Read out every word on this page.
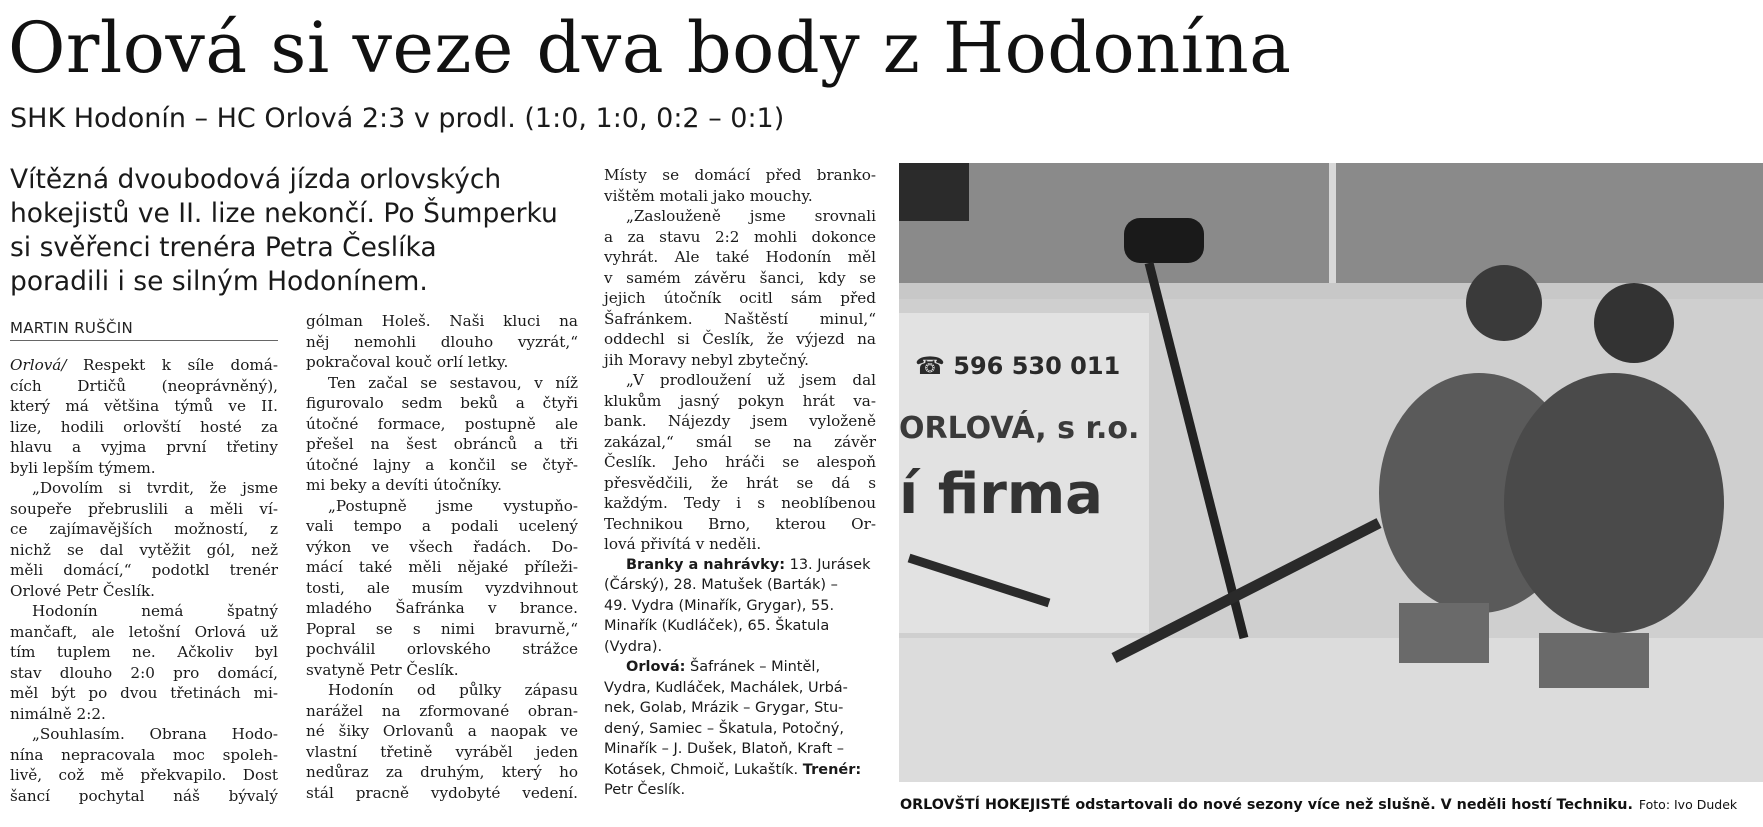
Orlová si veze dva body z Hodonína
SHK Hodonín – HC Orlová 2:3 v prodl. (1:0, 1:0, 0:2 – 0:1)
Vítězná dvoubodová jízda orlovských
hokejistů ve II. lize nekončí. Po Šumperku
si svěřenci trenéra Petra Česlíka
poradili i se silným Hodonínem.
MARTIN RUŠČIN
Orlová/ Respekt k síle domá-
cích Drtičů (neoprávněný),
který má většina týmů ve II.
lize, hodili orlovští hosté za
hlavu a vyjma první třetiny
byli lepším týmem.
„Dovolím si tvrdit, že jsme
soupeře přebruslili a měli ví-
ce zajímavějších možností, z
nichž se dal vytěžit gól, než
měli domácí,“ podotkl trenér
Orlové Petr Česlík.
Hodonín nemá špatný
mančaft, ale letošní Orlová už
tím tuplem ne. Ačkoliv byl
stav dlouho 2:0 pro domácí,
měl být po dvou třetinách mi-
nimálně 2:2.
„Souhlasím. Obrana Hodo-
nína nepracovala moc spoleh-
livě, což mě překvapilo. Dost
šancí pochytal náš bývalý
gólman Holeš. Naši kluci na
něj nemohli dlouho vyzrát,“
pokračoval kouč orlí letky.
Ten začal se sestavou, v níž
figurovalo sedm beků a čtyři
útočné formace, postupně ale
přešel na šest obránců a tři
útočné lajny a končil se čtyř-
mi beky a devíti útočníky.
„Postupně jsme vystupňo-
vali tempo a podali ucelený
výkon ve všech řadách. Do-
mácí také měli nějaké příleži-
tosti, ale musím vyzdvihnout
mladého Šafránka v brance.
Popral se s nimi bravurně,“
pochválil orlovského strážce
svatyně Petr Česlík.
Hodonín od půlky zápasu
narážel na zformované obran-
né šiky Orlovanů a naopak ve
vlastní třetině vyráběl jeden
nedůraz za druhým, který ho
stál pracně vydobyté vedení.
Místy se domácí před branko-
vištěm motali jako mouchy.
„Zaslouženě jsme srovnali
a za stavu 2:2 mohli dokonce
vyhrát. Ale také Hodonín měl
v samém závěru šanci, kdy se
jejich útočník ocitl sám před
Šafránkem. Naštěstí minul,“
oddechl si Česlík, že výjezd na
jih Moravy nebyl zbytečný.
„V prodloužení už jsem dal
klukům jasný pokyn hrát va-
bank. Nájezdy jsem vyloženě
zakázal,“ smál se na závěr
Česlík. Jeho hráči se alespoň
přesvědčili, že hrát se dá s
každým. Tedy i s neoblíbenou
Technikou Brno, kterou Or-
lová přivítá v neděli.
Branky a nahrávky: 13. Jurásek
(Čárský), 28. Matušek (Barták) –
49. Vydra (Minařík, Grygar), 55.
Minařík (Kudláček), 65. Škatula
(Vydra).
Orlová: Šafránek – Mintěl,
Vydra, Kudláček, Machálek, Urbá-
nek, Golab, Mrázik – Grygar, Stu-
dený, Samiec – Škatula, Potočný,
Minařík – J. Dušek, Blatoň, Kraft –
Kotásek, Chmoič, Lukaštík. Trenér:
Petr Česlík.
☎ 596 530 011
ORLOVÁ, s r.o.
í firma
ORLOVŠTÍ HOKEJISTÉ odstartovali do nové sezony více než slušně. V neděli hostí Techniku. Foto: Ivo Dudek
